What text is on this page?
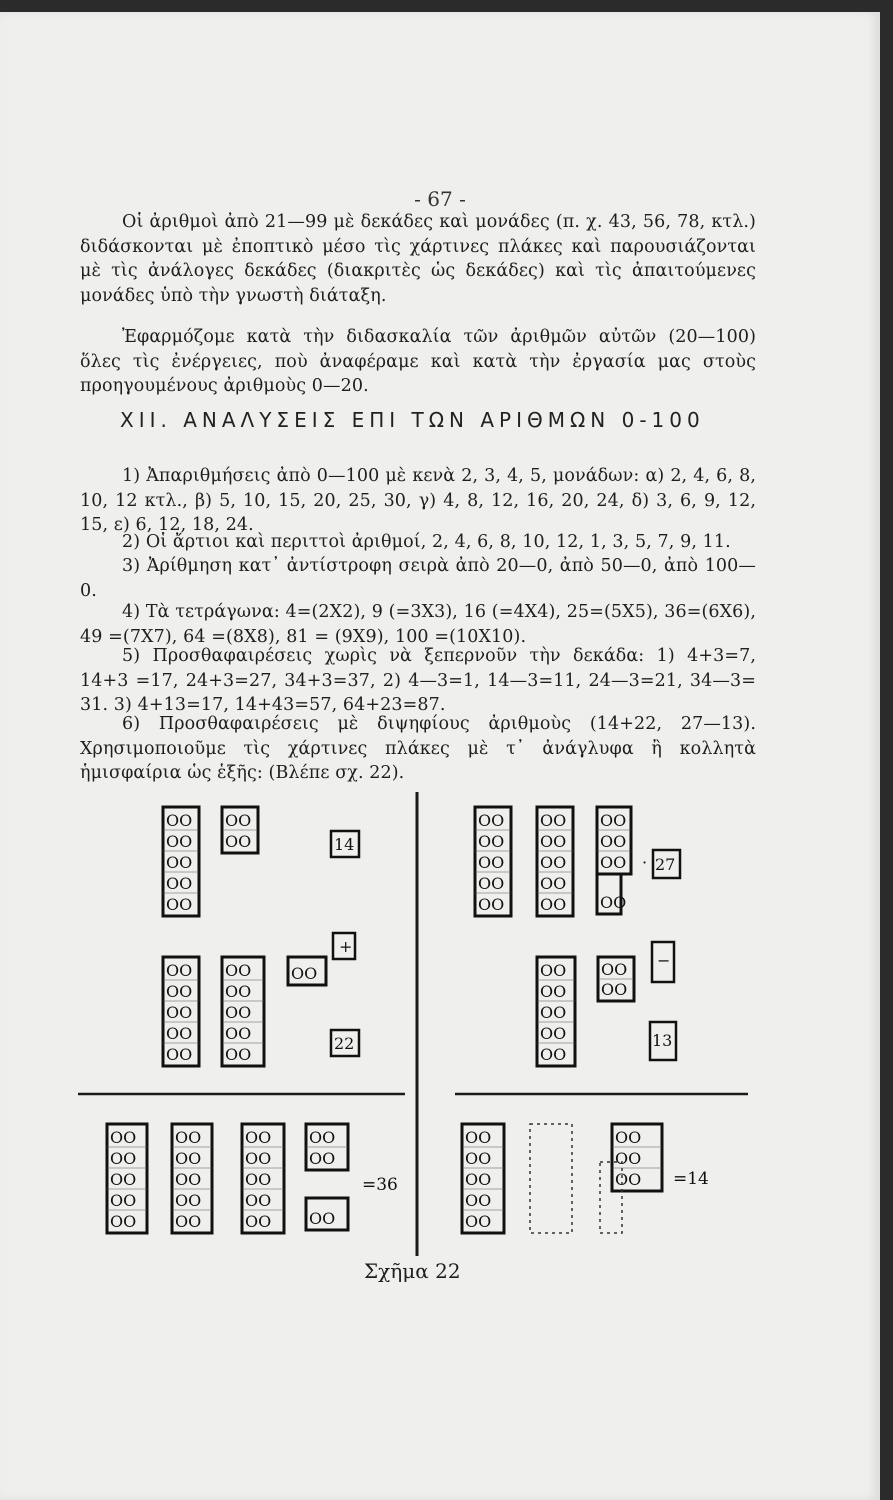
- 67 -

Οἱ ἀριθμοὶ ἀπὸ 21—99 μὲ δεκάδες καὶ μονάδες (π. χ. 43, 56, 78, κτλ.) διδάσκονται μὲ ἐποπτικὸ μέσο τὶς χάρτινες πλάκες καὶ παρουσιάζονται μὲ τὶς ἀνάλογες δεκάδες (διακριτὲς ὡς δεκάδες) καὶ τὶς ἀπαιτούμενες μονάδες ὑπὸ τὴν γνωστὴ διάταξη.

Ἐφαρμόζομε κατὰ τὴν διδασκαλία τῶν ἀριθμῶν αὐτῶν (20—100) ὅλες τὶς ἐνέργειες, ποὺ ἀναφέραμε καὶ κατὰ τὴν ἐργασία μας στοὺς προηγουμένους ἀριθμοὺς 0—20.

XII. ΑΝΑΛΥΣΕΙΣ ΕΠΙ ΤΩΝ ΑΡΙΘΜΩΝ 0-100

1) Ἀπαριθμήσεις ἀπὸ 0—100 μὲ κενὰ 2, 3, 4, 5, μονάδων: α) 2, 4, 6, 8, 10, 12 κτλ., β) 5, 10, 15, 20, 25, 30, γ) 4, 8, 12, 16, 20, 24, δ) 3, 6, 9, 12, 15, ε) 6, 12, 18, 24.

2) Οἱ ἄρτιοι καὶ περιττοὶ ἀριθμοί, 2, 4, 6, 8, 10, 12, 1, 3, 5, 7, 9, 11.

3) Ἀρίθμηση κατ᾿ ἀντίστροφη σειρὰ ἀπὸ 20—0, ἀπὸ 50—0, ἀπὸ 100—0.

4) Τὰ τετράγωνα: 4=(2Χ2), 9 (=3Χ3), 16 (=4Χ4), 25=(5Χ5), 36=(6Χ6), 49 =(7Χ7), 64 =(8Χ8), 81 = (9Χ9), 100 =(10Χ10).

5) Προσθαφαιρέσεις χωρὶς νὰ ξεπερνοῦν τὴν δεκάδα: 1) 4+3=7, 14+3 =17, 24+3=27, 34+3=37, 2) 4—3=1, 14—3=11, 24—3=21, 34—3= 31. 3) 4+13=17, 14+43=57, 64+23=87.

6) Προσθαφαιρέσεις μὲ διψηφίους ἀριθμοὺς (14+22, 27—13). Χρησιμοποιοῦμε τὶς χάρτινες πλάκες μὲ τ᾿ ἀνάγλυφα ἢ κολλητὰ ἡμισφαίρια ὡς ἑξῆς: (Βλέπε σχ. 22).

OO
OO
OO
OO
OO
OO
OO
OO
OO
OO
OO
OO
OO
OO
OO
OO
OO
OO
OO
OO
OO
OO
OO
OO
OO
OO
OO
OO
OO
OO
OO
OO
OO
OO
OO
OO
OO
OO
OO
OO
OO
OO
OO
OO
OO
OO
OO
OO
OO
OO
OO
OO
OO
OO
OO
OO
OO
OO
OO
OO
OO
OO
OO
OO
OO
14
+
22
=36
27
·
−
13
=14
Σχῆμα 22
